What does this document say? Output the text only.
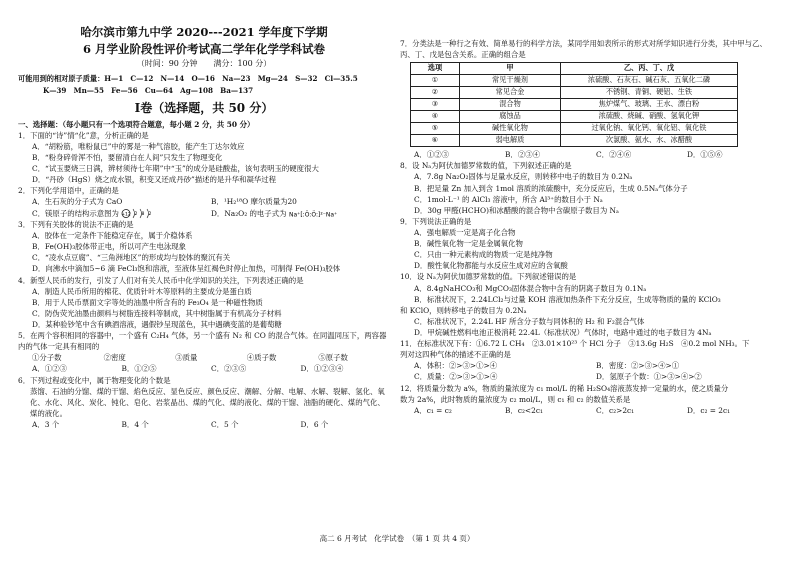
哈尔滨市第九中学 2020---2021 学年度下学期
6 月学业阶段性评价考试高二学年化学学科试卷
（时间：90 分钟　　满分：100 分）
可能用到的相对原子质量：H—1　C—12　N—14　O—16　Na—23　Mg—24　S—32　Cl—35.5
K—39　Mn—55　Fe—56　Cu—64　Ag—108　Ba—137
Ⅰ卷（选择题，共 50 分）
一、选择题：（每小题只有一个选项符合题意，每小题 2 分，共 50 分）
1．下面的“诗”情“化”意，分析正确的是
A．“胡粉筋，唯粉鼠已”中的雾是一种气溶胶，能产生丁达尔效应
B．“粉身碎骨浑不怕，要留清白在人间”只发生了物理变化
C．“试玉要烧三日满，辨材须待七年期”中“玉”的成分是硅酸盐，该句表明玉的硬度很大
D．“丹砂（HgS）烧之成水银，积变又还成丹砂”描述的是升华和凝华过程
2．下列化学用语中，正确的是
A．生石灰的分子式为 CaO	B．¹H₂¹⁸O 摩尔质量为20
C．镁原子的结构示意图为 +12 2 8 2	D．Na₂O₂ 的电子式为 Na⁺[:Ö:Ö:]²⁻Na⁺
3．下列有关胶体的说法不正确的是
A．胶体在一定条件下能稳定存在，属于介稳体系
B．Fe(OH)₃胶体带正电，所以可产生电泳现象
C．“凌水点豆腐”、“三角洲地区”的形成均与胶体的聚沉有关
D．向沸水中滴加5~6 滴 FeCl₃饱和溶液，至液体呈红褐色时停止加热，可制得 Fe(OH)₃胶体
4．新型人民币的发行，引发了人们对有关人民币中化学知识的关注，下列表述正确的是
A．制造人民币所用的棉花、优质针叶木等原料的主要成分是蛋白质
B．用于人民币票面文字等处的油墨中所含有的 Fe₃O₄ 是一种磁性物质
C．防伪荧光油墨由颜料与树脂连接料等制成，其中树脂属于有机高分子材料
D．某种验钞笔中含有碘酒溶液，遇假钞呈现蓝色，其中遇碘变蓝的是葡萄糖
5．在两个容积相同的容器中，一个盛有 C₂H₄ 气体，另一个盛有 N₂ 和 CO 的混合气体。在同温同压下，两容器内的气体一定具有相同的
①分子数	②密度	③质量	④质子数	⑤原子数
A．①②③	B．①②⑤	C．②③⑤	D．①②③④
6．下列过程或变化中，属于物理变化的个数是
蒸馏、石油的分馏、煤的干馏、焰色反应、显色反应、颜色反应、潮解、分解、电解、水解、裂解、氢化、氧化、水化、风化、炭化、钝化、皂化、岩浆晶出、煤的气化、煤的液化、煤的干馏、油脂的硬化、煤的气化、煤的液化。
A．3 个	B．4 个	C．5 个	D．6 个
7．分类法是一种行之有效、简单易行的科学方法，某同学用如表所示的形式对所学知识进行分类，其中甲与乙、丙、丁、戊是包含关系。正确的组合是
选项	甲	乙、丙、丁、戊
①	常见干燥剂	浓硫酸、石灰石、碱石灰、五氧化二磷
②	常见合金	不锈钢、青铜、硬铝、生铁
③	混合物	焦炉煤气、玻璃、王水、漂白粉
④	腐蚀品	浓硫酸、烧碱、硝酸、氢氧化钾
⑤	碱性氧化物	过氧化钠、氧化钙、氧化铝、氧化铁
⑥	弱电解质	次氯酸、氨水、水、冰醋酸
A．①②③	B．②③④	C．②④⑥	D．①⑤⑥
8．设 Nₐ为阿伏加德罗常数的值，下列叙述正确的是
A．7.8g Na₂O₂固体与足量水反应，则转移中电子的数目为 0.2Nₐ
B．把足量 Zn 加入到含 1mol 溶质的浓硫酸中，充分反应后，生成 0.5Nₐ气体分子
C．1mol·L⁻¹ 的 AlCl₃ 溶液中，所含 Al³⁺的数目小于 Nₐ
D．30g 甲醛(HCHO)和冰醋酸的混合物中含碳原子数目为 Nₐ
9．下列说法正确的是
A．强电解质一定是离子化合物
B．碱性氧化物一定是金属氧化物
C．只由一种元素构成的物质一定是纯净物
D．酸性氧化物都能与水反应生成对应的含氧酸
10．设 Nₐ为阿伏加德罗常数的值。下列叙述错误的是
A．8.4gNaHCO₃和 MgCO₃固体混合物中含有的阴离子数目为 0.1Nₐ
B．标准状况下，2.24LCl₂与过量 KOH 溶液加热条件下充分反应，生成等物质的量的 KClO₃
和 KClO，则转移电子的数目为 0.2Nₐ
C．标准状况下，2.24L HF 所含分子数与同体积的 H₂ 和 F₂混合气体
D．甲烷碱性燃料电池正极消耗 22.4L（标准状况）气体时，电路中通过的电子数目为 4Nₐ
11．在标准状况下有：①6.72 L CH₄　②3.01×10²³ 个 HCl 分子　③13.6g H₂S　④0.2 mol NH₃。下
列对这四种气体的描述不正确的是
A．体积：②>③>①>④	B．密度：②>③>④>①
C．质量：②>③>①>④	D．氢原子个数：①>③>④>②
12．将质量分数为 a%，物质的量浓度为 c₁ mol/L 的稀 H₂SO₄溶液蒸发掉一定量的水，使之质量分
数为 2a%，此时物质的量浓度为 c₂ mol/L，则 c₁ 和 c₂ 的数值关系是
A．c₁ = c₂	B．c₂<2c₁	C．c₂>2c₁	D．c₂ = 2c₁
高二 6 月考试　化学试卷　（第 1 页 共 4 页）
